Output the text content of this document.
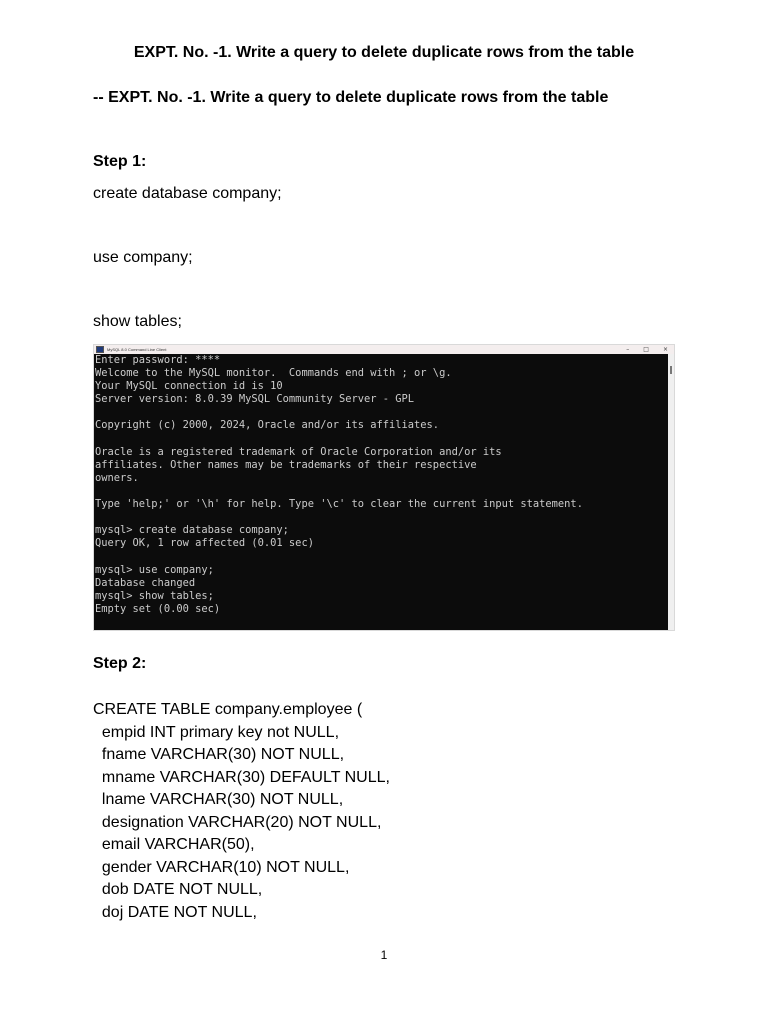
EXPT. No. -1. Write a query to delete duplicate rows from the table
-- EXPT. No. -1. Write a query to delete duplicate rows from the table
Step 1:
create database company;
use company;
show tables;
MySQL 8.0 Command Line Client	– □ ×
Enter password: ****
Welcome to the MySQL monitor.  Commands end with ; or \g.
Your MySQL connection id is 10
Server version: 8.0.39 MySQL Community Server - GPL
Copyright (c) 2000, 2024, Oracle and/or its affiliates.
Oracle is a registered trademark of Oracle Corporation and/or its
affiliates. Other names may be trademarks of their respective
owners.
Type 'help;' or '\h' for help. Type '\c' to clear the current input statement.
mysql> create database company;
Query OK, 1 row affected (0.01 sec)
mysql> use company;
Database changed
mysql> show tables;
Empty set (0.00 sec)
Step 2:
CREATE TABLE company.employee (
empid INT primary key not NULL,
fname VARCHAR(30) NOT NULL,
mname VARCHAR(30) DEFAULT NULL,
lname VARCHAR(30) NOT NULL,
designation VARCHAR(20) NOT NULL,
email VARCHAR(50),
gender VARCHAR(10) NOT NULL,
dob DATE NOT NULL,
doj DATE NOT NULL,
1
